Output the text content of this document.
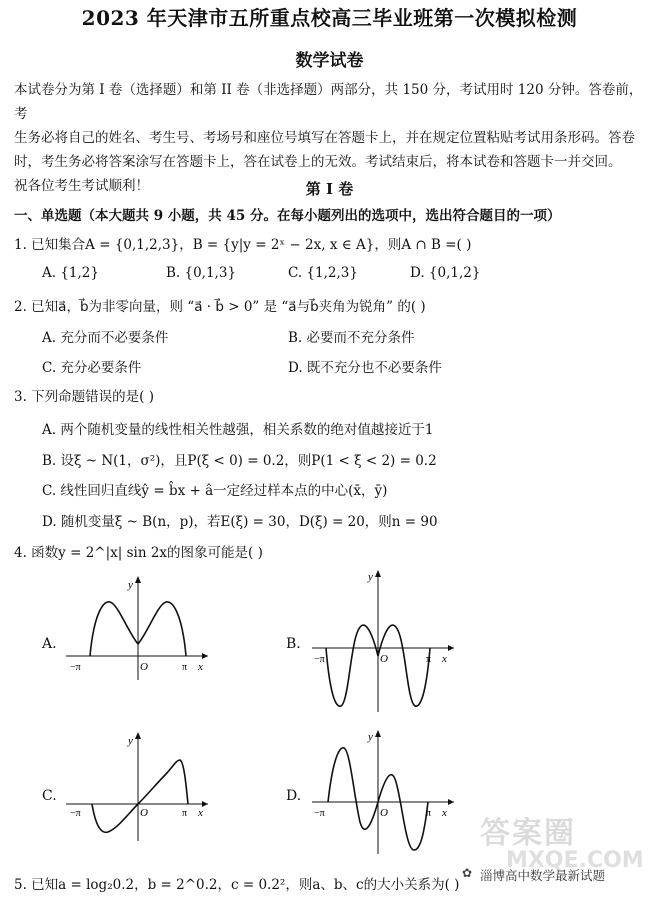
2023 年天津市五所重点校高三毕业班第一次模拟检测
数学试卷

本试卷分为第 I 卷（选择题）和第 II 卷（非选择题）两部分，共 150 分，考试用时 120 分钟。答卷前，考

生务必将自己的姓名、考生号、考场号和座位号填写在答题卡上，并在规定位置粘贴考试用条形码。答卷

时，考生务必将答案涂写在答题卡上，答在试卷上的无效。考试结束后，将本试卷和答题卡一并交回。

祝各位考生考试顺利！	第 I 卷
一、单选题（本大题共 9 小题，共 45 分。在每小题列出的选项中，选出符合题目的一项）
1. 已知集合A = {0,1,2,3}，B = {y|y = 2ˣ − 2x, x ∈ A}，则A ∩ B =( )
A. {1,2}	B. {0,1,3}	C. {1,2,3}	D. {0,1,2}
2. 已知a⃗，b⃗为非零向量，则 “a⃗ · b⃗ > 0” 是 “a⃗与b⃗夹角为锐角” 的( )
A. 充分而不必要条件	B. 必要而不充分条件
C. 充分必要条件	D. 既不充分也不必要条件
3. 下列命题错误的是( )
A. 两个随机变量的线性相关性越强，相关系数的绝对值越接近于1
B. 设ξ ~ N(1，σ²)，且P(ξ < 0) = 0.2，则P(1 < ξ < 2) = 0.2
C. 线性回归直线ŷ = b̂x + â一定经过样本点的中心(x̄，ȳ)
D. 随机变量ξ ~ B(n，p)，若E(ξ) = 30，D(ξ) = 20，则n = 90
4. 函数y = 2^|x| sin 2x的图象可能是( )
A.	B.
C.	D.
y
x
O
−π	π
y
x
O
−π	π
y
x
O
−π	π
y
x
O
−π	π
5. 已知a = log₂0.2，b = 2^0.2，c = 0.2²，则a、b、c的大小关系为( )
答案圈
MXQE.COM
✿ 淄博高中数学最新试题
